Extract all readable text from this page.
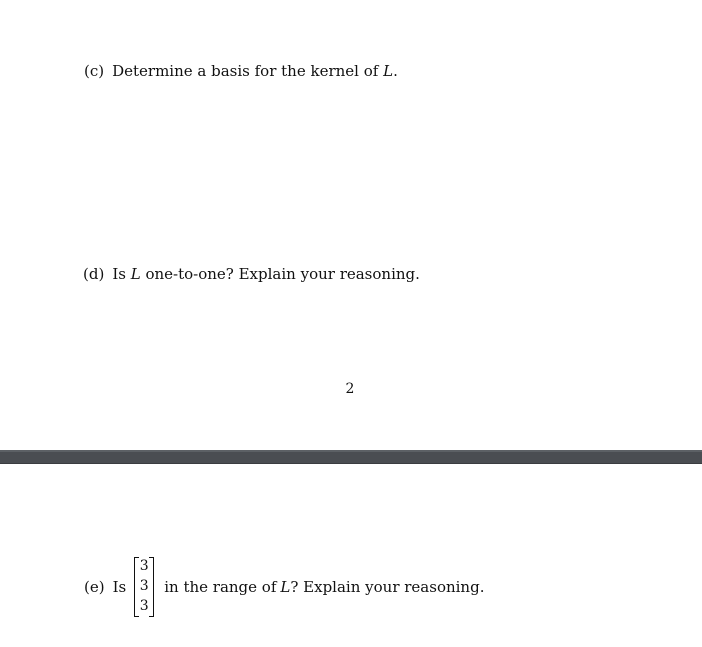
(c) Determine a basis for the kernel of L.
(d) Is L one-to-one? Explain your reasoning.
2
(e) Is
3
3
3
in the range of L ? Explain your reasoning.
